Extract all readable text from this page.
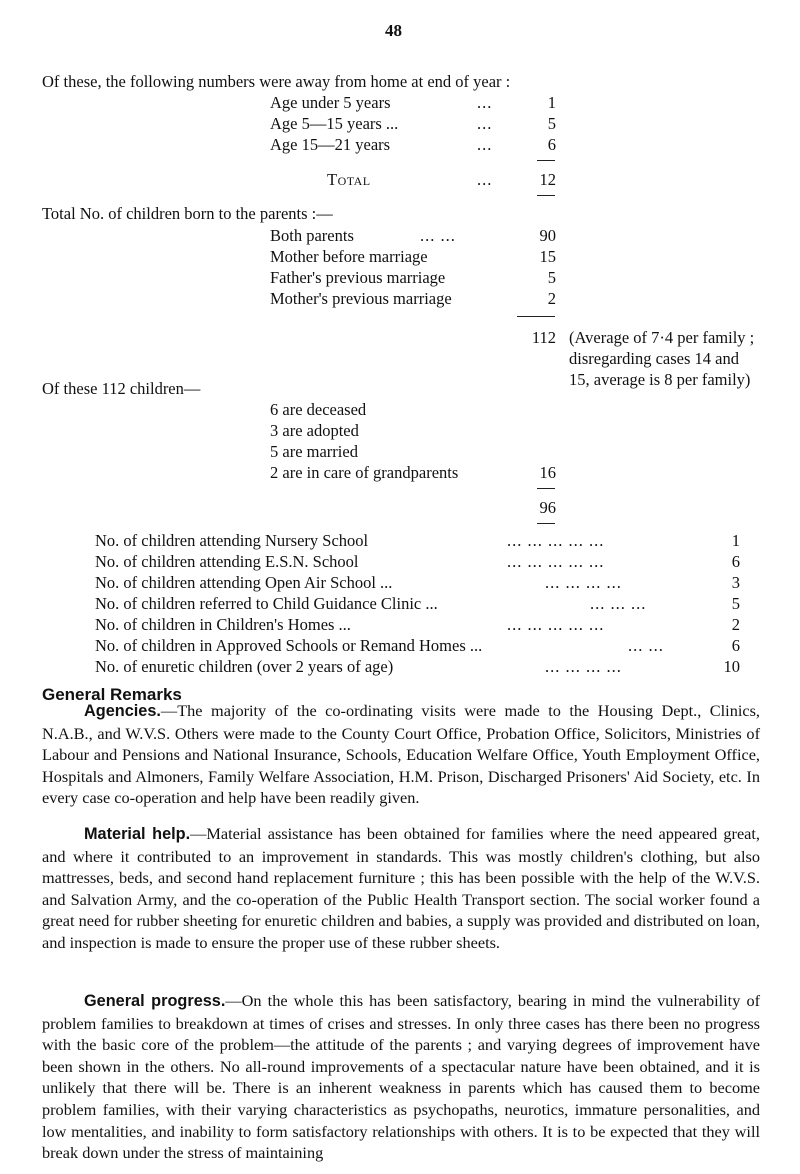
48
Of these, the following numbers were away from home at end of year :
Age under 5 years	...	1
Age 5—15 years ...	...	5
Age 15—21 years	...	6
Total	...	12
Total No. of children born to the parents :—
Both parents	... ...	90
Mother before marriage	15
Father's previous marriage	5
Mother's previous marriage	2
112 (Average of 7·4 per family ;
disregarding cases 14 and
15, average is 8 per family)
Of these 112 children—
6 are deceased
3 are adopted
5 are married
2 are in care of grandparents	16
96
No. of children attending Nursery School	... ... ... ... ...	1
No. of children attending E.S.N. School	... ... ... ... ...	6
No. of children attending Open Air School ...	... ... ... ...	3
No. of children referred to Child Guidance Clinic ...	... ... ...	5
No. of children in Children's Homes ...	... ... ... ... ...	2
No. of children in Approved Schools or Remand Homes ...	... ...	6
No. of enuretic children (over 2 years of age)	... ... ... ...	10
General Remarks

Agencies.—The majority of the co-ordinating visits were made to the Housing Dept., Clinics, N.A.B., and W.V.S. Others were made to the County Court Office, Probation Office, Solicitors, Ministries of Labour and Pensions and National Insurance, Schools, Education Welfare Office, Youth Employment Office, Hospitals and Almoners, Family Welfare Association, H.M. Prison, Discharged Prisoners' Aid Society, etc. In every case co-operation and help have been readily given.

Material help.—Material assistance has been obtained for families where the need appeared great, and where it contributed to an improvement in standards. This was mostly children's clothing, but also mattresses, beds, and second hand replacement furniture ; this has been possible with the help of the W.V.S. and Salvation Army, and the co-operation of the Public Health Transport section. The social worker found a great need for rubber sheeting for enuretic children and babies, a supply was provided and distributed on loan, and inspection is made to ensure the proper use of these rubber sheets.

General progress.—On the whole this has been satisfactory, bearing in mind the vulnerability of problem families to breakdown at times of crises and stresses. In only three cases has there been no progress with the basic core of the problem—the attitude of the parents ; and varying degrees of improvement have been shown in the others. No all-round improvements of a spectacular nature have been obtained, and it is unlikely that there will be. There is an inherent weakness in parents which has caused them to become problem families, with their varying characteristics as psychopaths, neurotics, immature personalities, and low mentalities, and inability to form satisfactory relationships with others. It is to be expected that they will break down under the stress of maintaining
